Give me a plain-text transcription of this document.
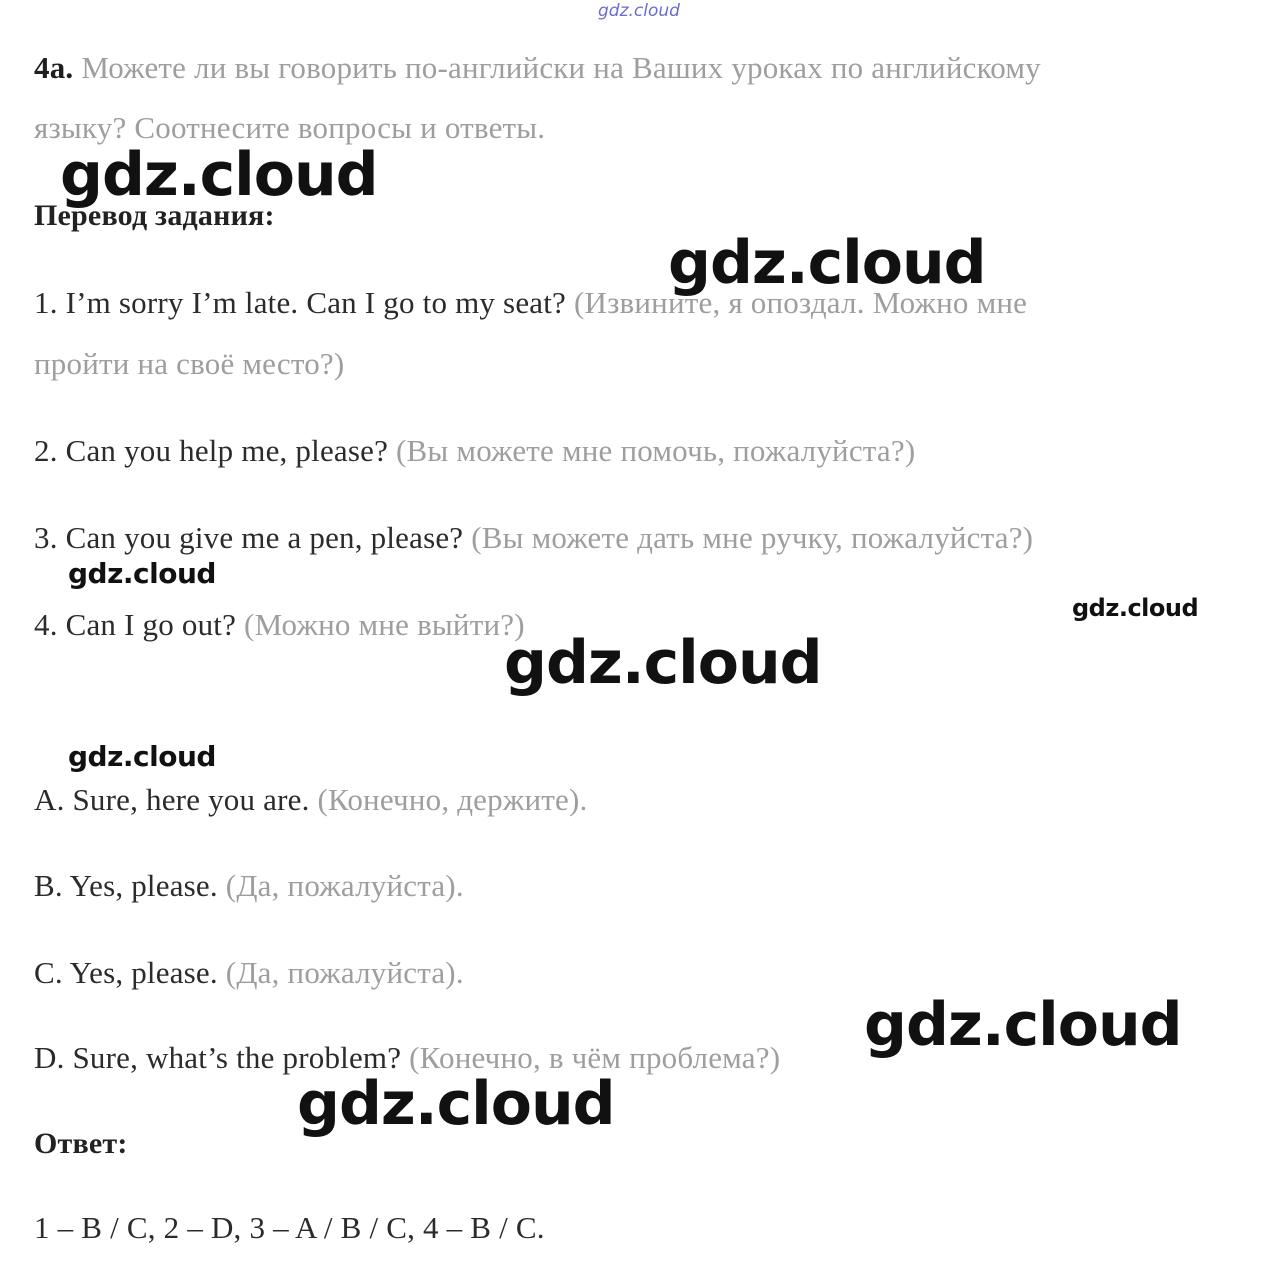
gdz.cloud
4a. Можете ли вы говорить по-английски на Ваших уроках по английскому
языку? Соотнесите вопросы и ответы.
Перевод задания:
1. I’m sorry I’m late. Can I go to my seat? (Извините, я опоздал. Можно мне
пройти на своё место?)
2. Can you help me, please? (Вы можете мне помочь, пожалуйста?)
3. Can you give me a pen, please? (Вы можете дать мне ручку, пожалуйста?)
4. Can I go out? (Можно мне выйти?)
A. Sure, here you are. (Конечно, держите).
B. Yes, please. (Да, пожалуйста).
C. Yes, please. (Да, пожалуйста).
D. Sure, what’s the problem? (Конечно, в чём проблема?)
Ответ:
1 – B / C, 2 – D, 3 – A / B / C, 4 – B / C.
gdz.cloud
gdz.cloud
gdz.cloud
gdz.cloud
gdz.cloud
gdz.cloud
gdz.cloud
gdz.cloud
